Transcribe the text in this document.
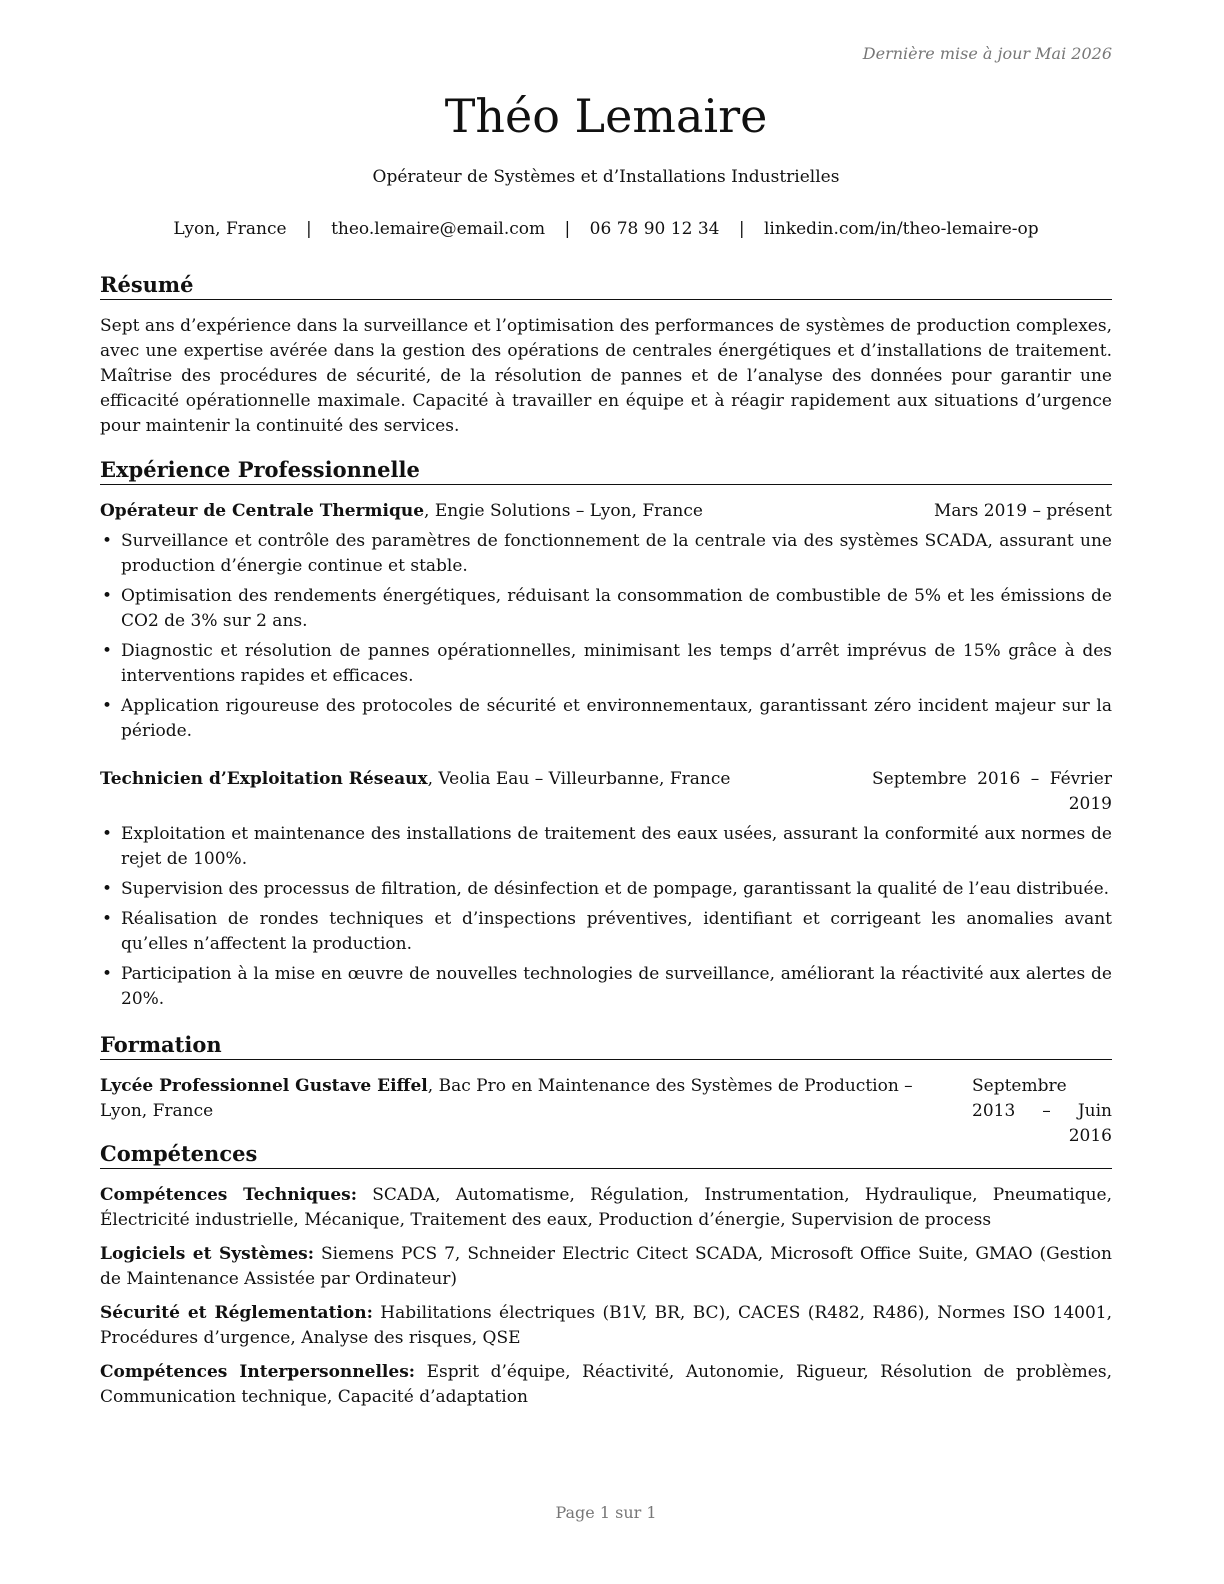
Dernière mise à jour Mai 2026
Théo Lemaire
Opérateur de Systèmes et d’Installations Industrielles
Lyon, France | theo.lemaire@email.com | 06 78 90 12 34 | linkedin.com/in/theo-lemaire-op
Résumé
Sept ans d’expérience dans la surveillance et l’optimisation des performances de systèmes de production complexes, avec une expertise avérée dans la gestion des opérations de centrales énergétiques et d’installations de traitement. Maîtrise des procédures de sécurité, de la résolution de pannes et de l’analyse des données pour garantir une efficacité opérationnelle maximale. Capacité à travailler en équipe et à réagir rapidement aux situations d’urgence pour maintenir la continuité des services.
Expérience Professionnelle
Opérateur de Centrale Thermique, Engie Solutions – Lyon, France	Mars 2019 – présent
• Surveillance et contrôle des paramètres de fonctionnement de la centrale via des systèmes SCADA, assurant une production d’énergie continue et stable.
• Optimisation des rendements énergétiques, réduisant la consommation de combustible de 5% et les émissions de CO2 de 3% sur 2 ans.
• Diagnostic et résolution de pannes opérationnelles, minimisant les temps d’arrêt imprévus de 15% grâce à des interventions rapides et efficaces.
• Application rigoureuse des protocoles de sécurité et environnementaux, garantissant zéro incident majeur sur la période.
Technicien d’Exploitation Réseaux, Veolia Eau – Villeurbanne, France	Septembre 2016 – Février 2019
• Exploitation et maintenance des installations de traitement des eaux usées, assurant la conformité aux normes de rejet de 100%.
• Supervision des processus de filtration, de désinfection et de pompage, garantissant la qualité de l’eau distribuée.
• Réalisation de rondes techniques et d’inspections préventives, identifiant et corrigeant les anomalies avant qu’elles n’affectent la production.
• Participation à la mise en œuvre de nouvelles technologies de surveillance, améliorant la réactivité aux alertes de 20%.
Formation
Lycée Professionnel Gustave Eiffel, Bac Pro en Maintenance des Systèmes de Production – Lyon, France
Septembre 2013 – Juin 2016
Compétences
Compétences Techniques: SCADA, Automatisme, Régulation, Instrumentation, Hydraulique, Pneumatique, Électricité industrielle, Mécanique, Traitement des eaux, Production d’énergie, Supervision de process
Logiciels et Systèmes: Siemens PCS 7, Schneider Electric Citect SCADA, Microsoft Office Suite, GMAO (Gestion de Maintenance Assistée par Ordinateur)
Sécurité et Réglementation: Habilitations électriques (B1V, BR, BC), CACES (R482, R486), Normes ISO 14001, Procédures d’urgence, Analyse des risques, QSE
Compétences Interpersonnelles: Esprit d’équipe, Réactivité, Autonomie, Rigueur, Résolution de problèmes, Communication technique, Capacité d’adaptation
Page 1 sur 1
